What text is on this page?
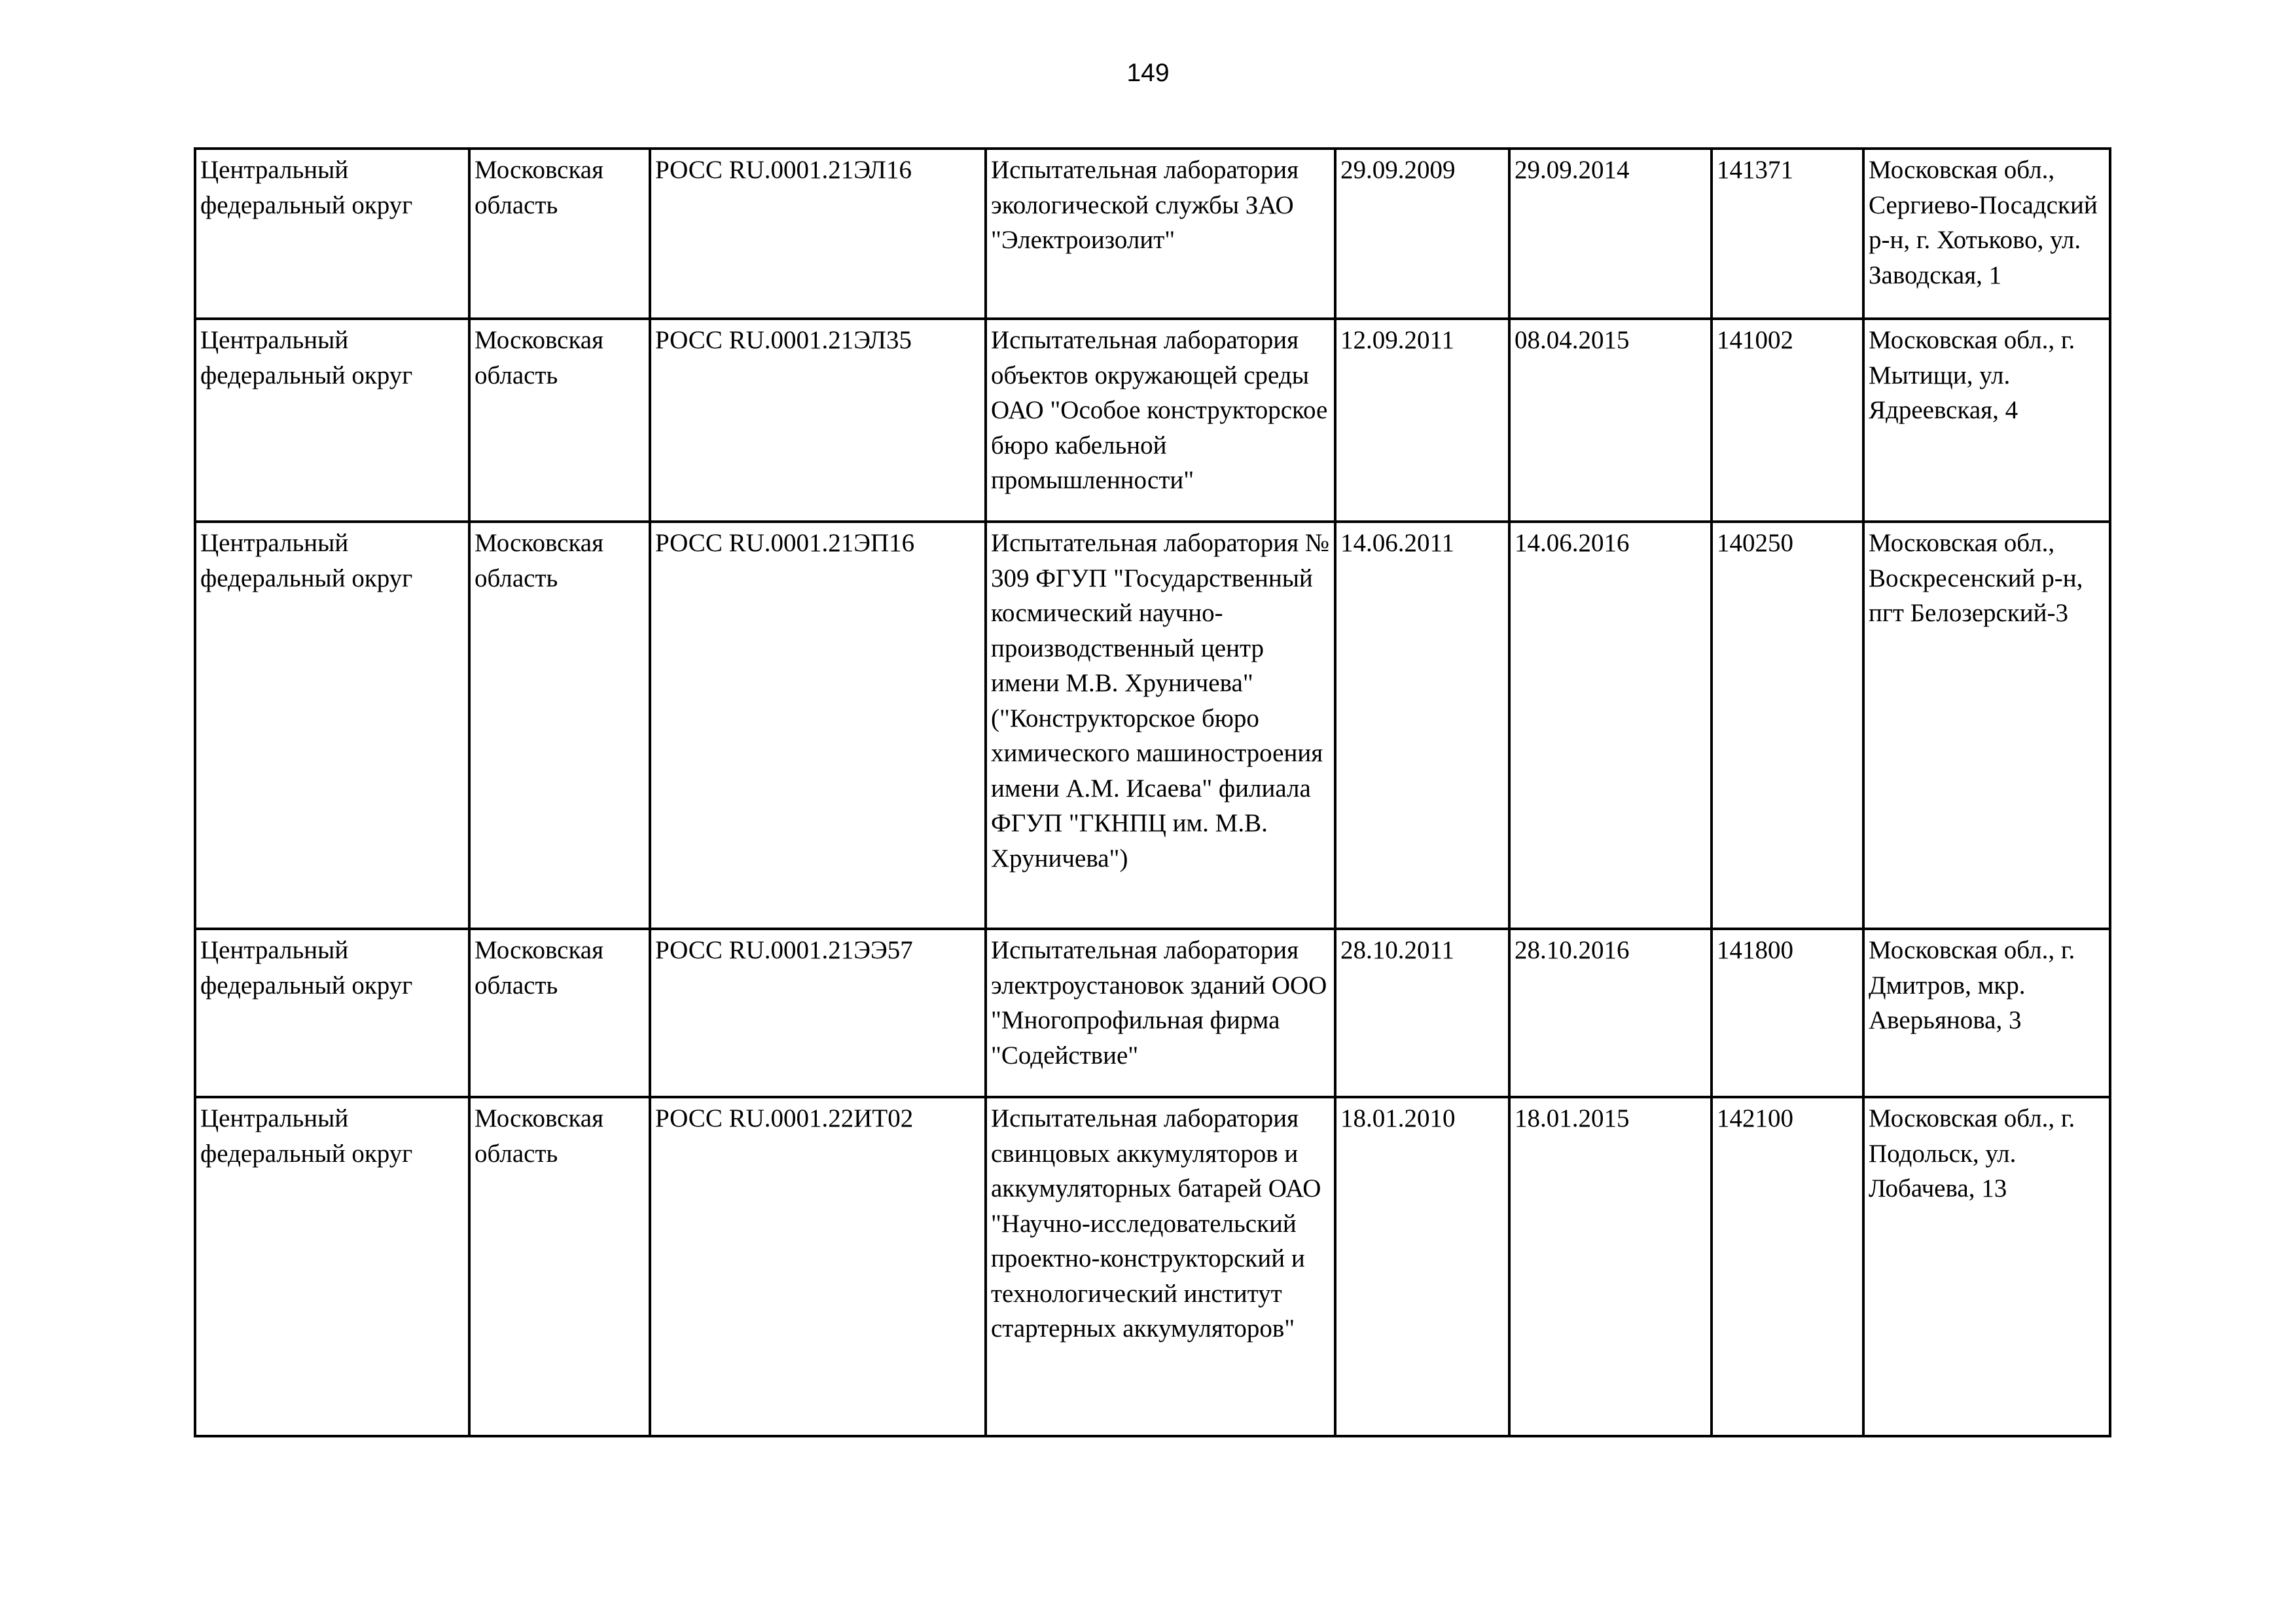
149
Центральный федеральный округ	Московская область	РОСС RU.0001.21ЭЛ16	Испытательная лаборатория экологической службы ЗАО "Электроизолит"	29.09.2009	29.09.2014	141371	Московская обл., Сергиево-Посадский р-н, г. Хотьково, ул. Заводская, 1

Центральный федеральный округ	Московская область	РОСС RU.0001.21ЭЛ35	Испытательная лаборатория объектов окружающей среды ОАО "Особое конструкторское бюро кабельной промышленности"	12.09.2011	08.04.2015	141002	Московская обл., г. Мытищи, ул. Ядреевская, 4

Центральный федеральный округ	Московская область	РОСС RU.0001.21ЭП16	Испытательная лаборатория № 309 ФГУП "Государственный космический научно-производственный центр имени М.В. Хруничева" ("Конструкторское бюро химического машиностроения имени А.М. Исаева" филиала ФГУП "ГКНПЦ им. М.В. Хруничева")	14.06.2011	14.06.2016	140250	Московская обл., Воскресенский р-н, пгт Белозерский-3

Центральный федеральный округ	Московская область	РОСС RU.0001.21ЭЭ57	Испытательная лаборатория электроустановок зданий ООО "Многопрофильная фирма "Содействие"	28.10.2011	28.10.2016	141800	Московская обл., г. Дмитров, мкр. Аверьянова, 3

Центральный федеральный округ	Московская область	РОСС RU.0001.22ИТ02	Испытательная лаборатория свинцовых аккумуляторов и аккумуляторных батарей ОАО "Научно-исследовательский проектно-конструкторский и технологический институт стартерных аккумуляторов"	18.01.2010	18.01.2015	142100	Московская обл., г. Подольск, ул. Лобачева, 13
